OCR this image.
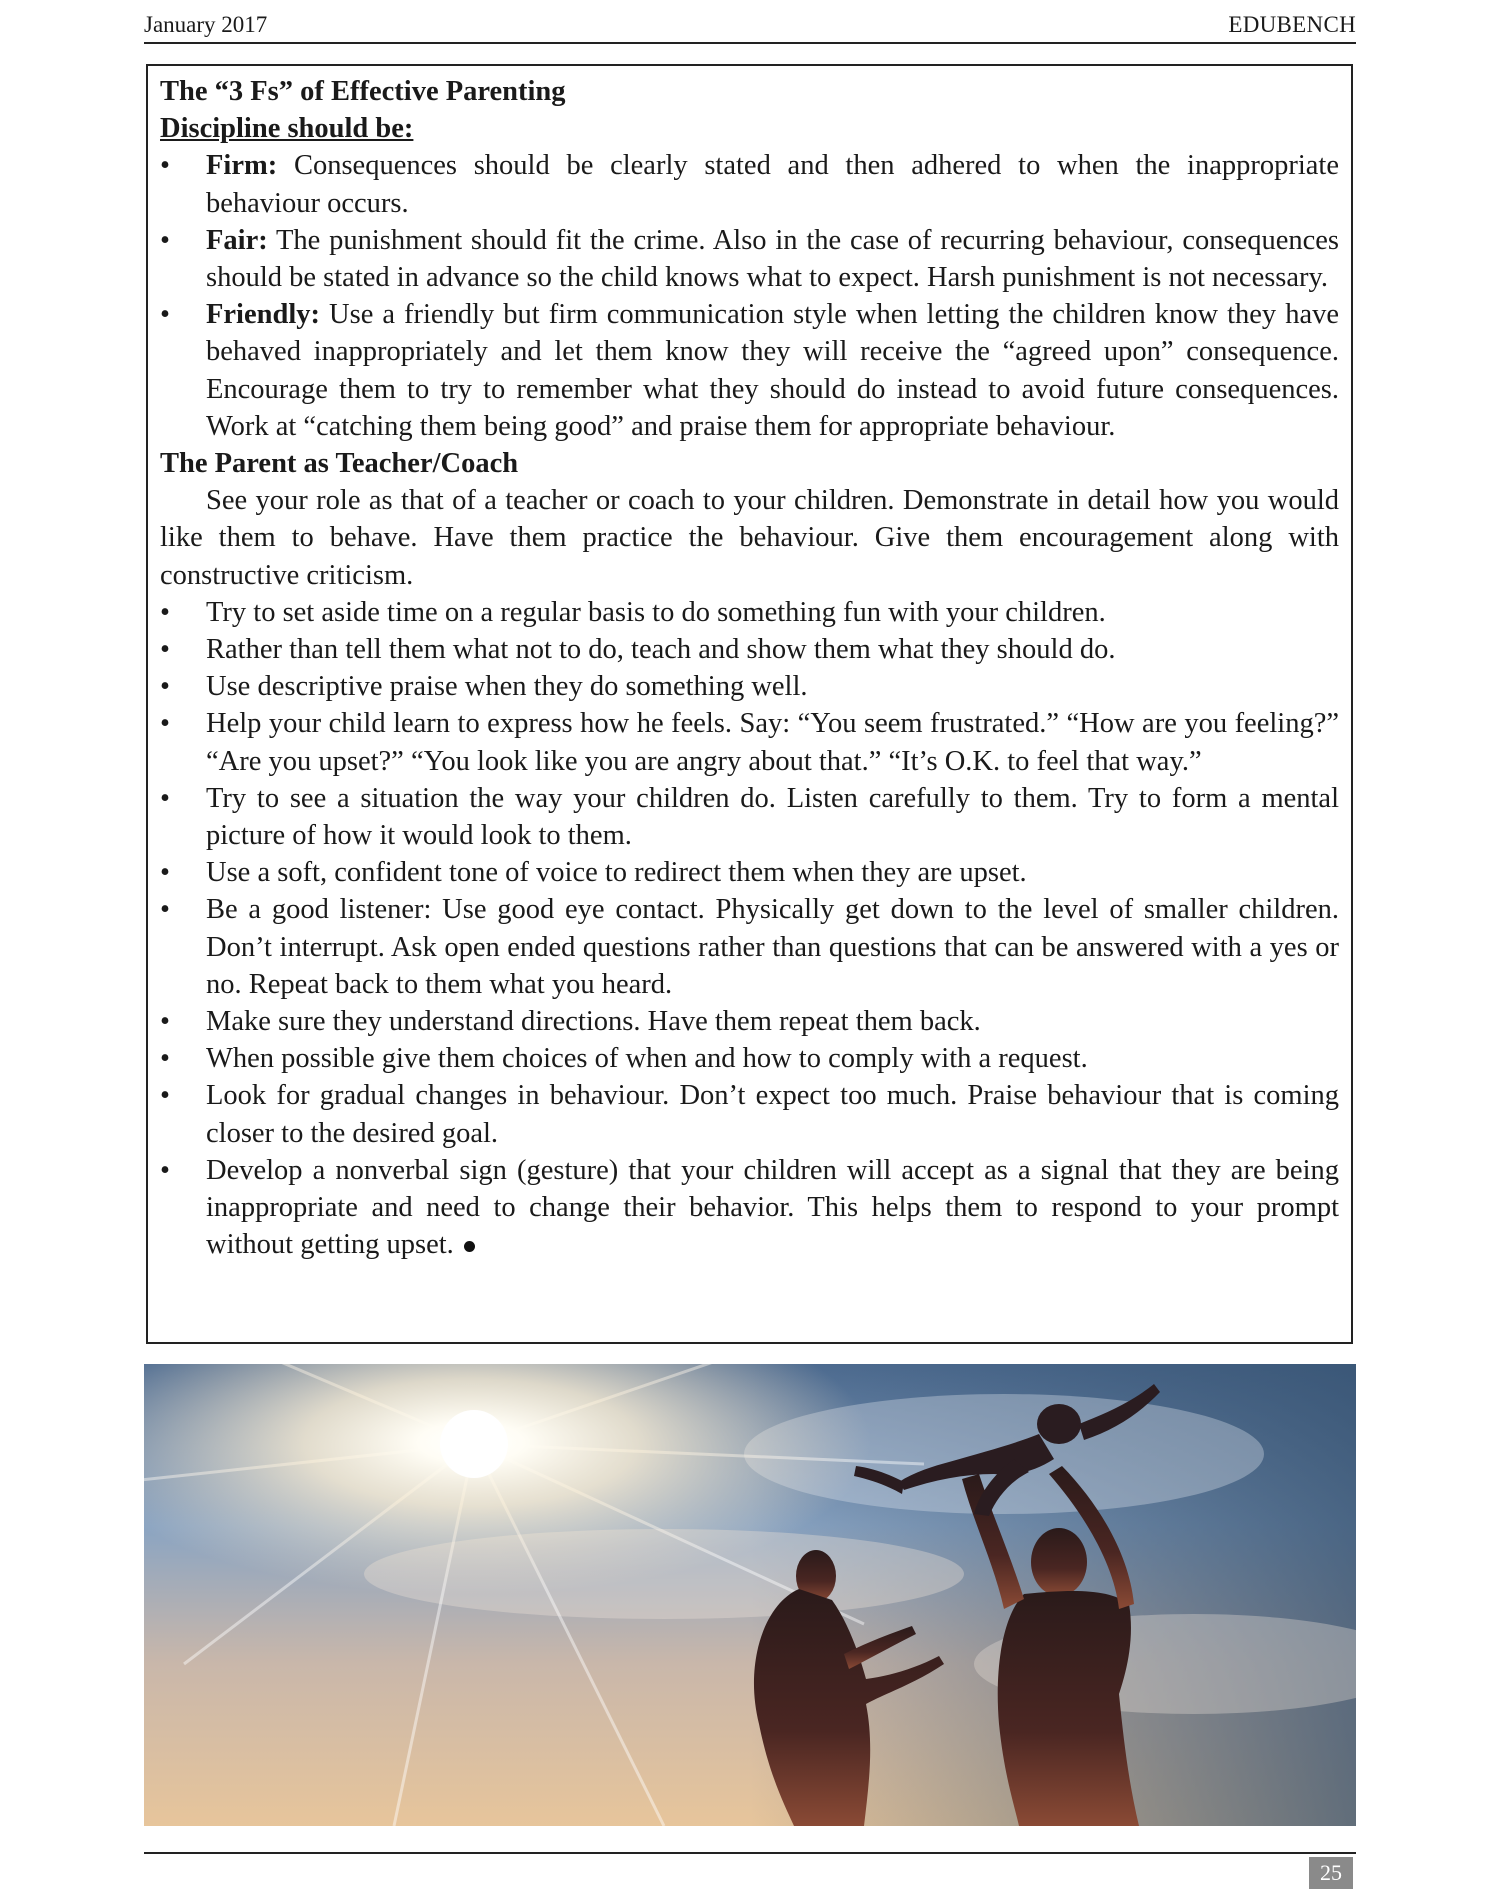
January 2017	EDUBENCH

The “3 Fs” of Effective Parenting

Discipline should be:

• Firm: Consequences should be clearly stated and then adhered to when the inappropriate behaviour occurs.
• Fair: The punishment should fit the crime. Also in the case of recurring behaviour, consequences should be stated in advance so the child knows what to expect. Harsh punishment is not necessary.
• Friendly: Use a friendly but firm communication style when letting the children know they have behaved inappropriately and let them know they will receive the “agreed upon” consequence. Encourage them to try to remember what they should do instead to avoid future consequences. Work at “catching them being good” and praise them for appropriate behaviour.

The Parent as Teacher/Coach

See your role as that of a teacher or coach to your children. Demonstrate in detail how you would like them to behave. Have them practice the behaviour. Give them encouragement along with constructive criticism.

• Try to set aside time on a regular basis to do something fun with your children.
• Rather than tell them what not to do, teach and show them what they should do.
• Use descriptive praise when they do something well.
• Help your child learn to express how he feels. Say: “You seem frustrated.” “How are you feeling?” “Are you upset?” “You look like you are angry about that.” “It’s O.K. to feel that way.”
• Try to see a situation the way your children do. Listen carefully to them. Try to form a mental picture of how it would look to them.
• Use a soft, confident tone of voice to redirect them when they are upset.
• Be a good listener: Use good eye contact. Physically get down to the level of smaller children. Don’t interrupt. Ask open ended questions rather than questions that can be answered with a yes or no. Repeat back to them what you heard.
• Make sure they understand directions. Have them repeat them back.
• When possible give them choices of when and how to comply with a request.
• Look for gradual changes in behaviour. Don’t expect too much. Praise behaviour that is coming closer to the desired goal.
• Develop a nonverbal sign (gesture) that your children will accept as a signal that they are being inappropriate and need to change their behavior. This helps them to respond to your prompt without getting upset.
25
